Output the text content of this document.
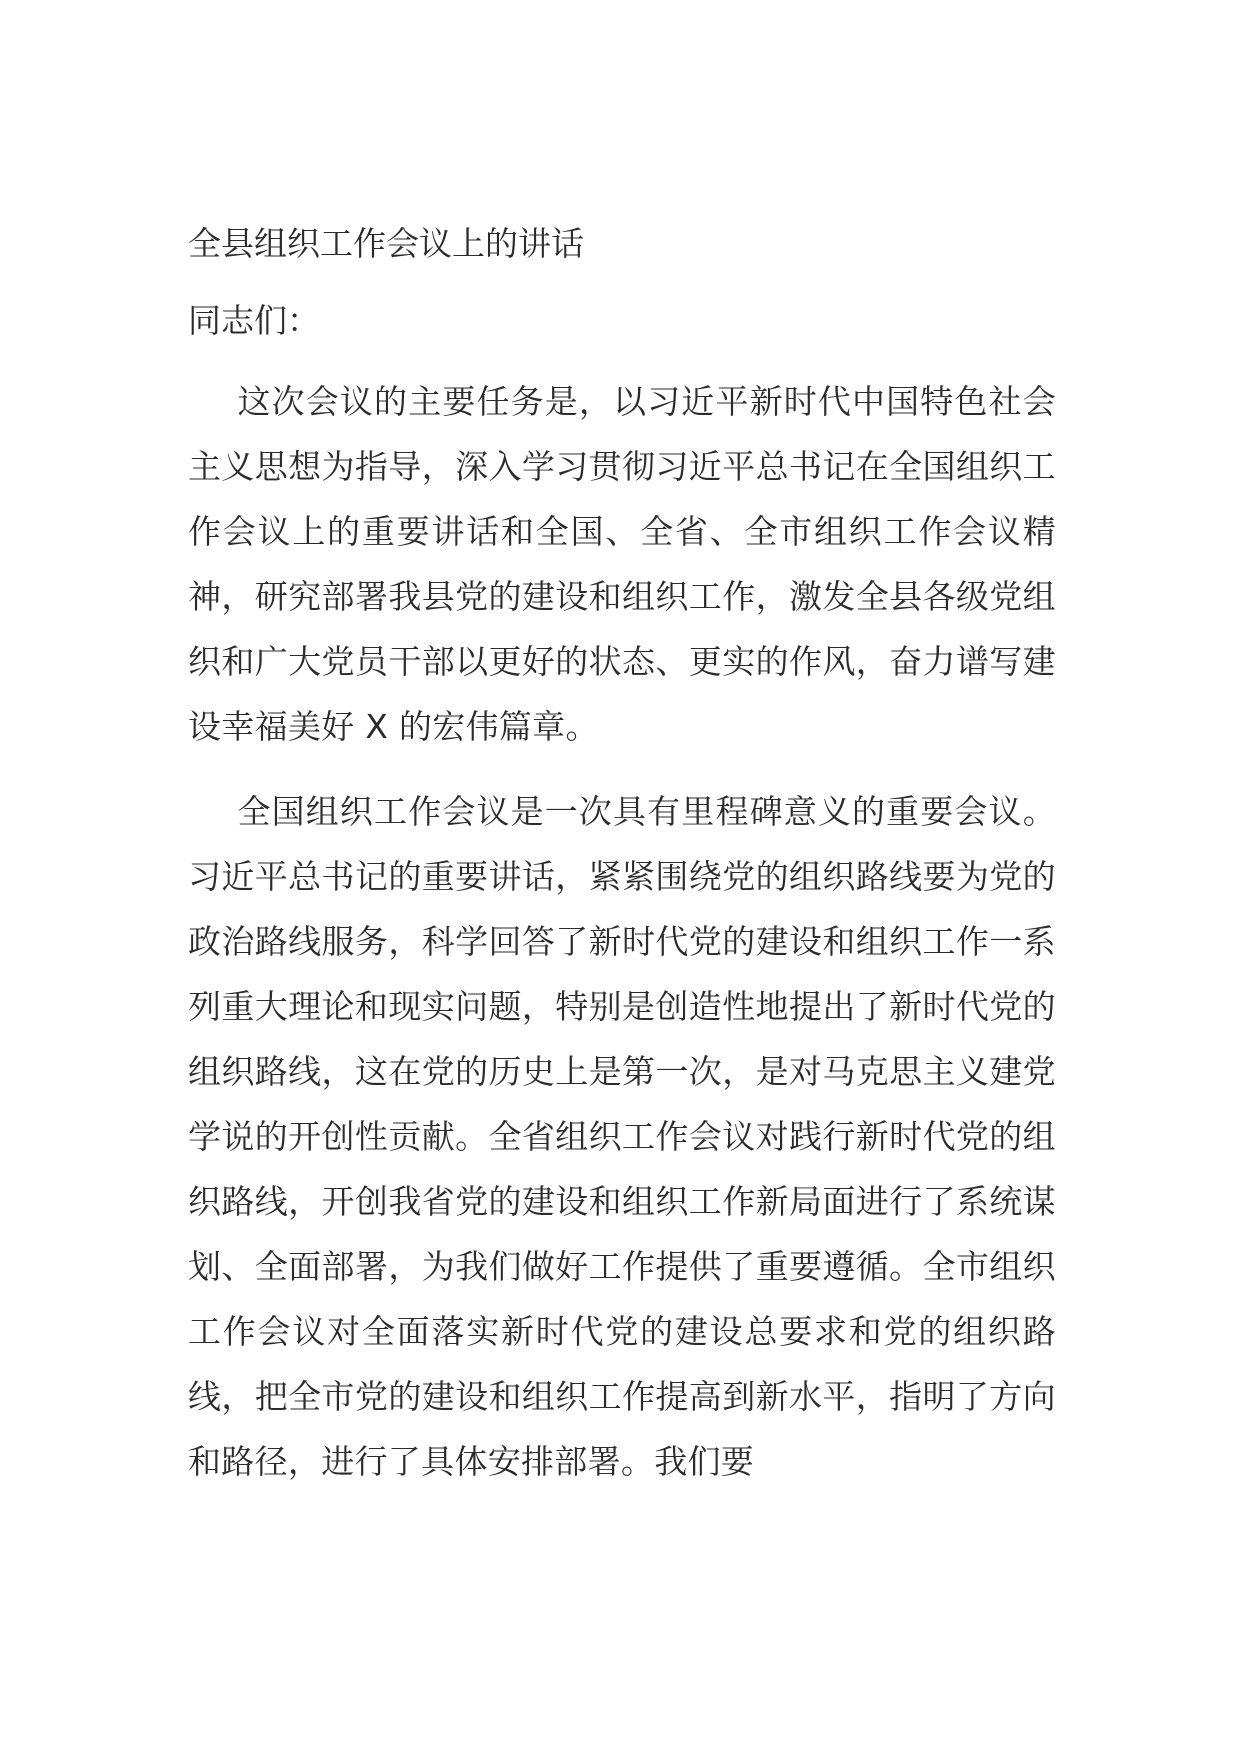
全县组织工作会议上的讲话

同志们：

这次会议的主要任务是，以习近平新时代中国特色社会主义思想为指导，深入学习贯彻习近平总书记在全国组织工作会议上的重要讲话和全国、全省、全市组织工作会议精神，研究部署我县党的建设和组织工作，激发全县各级党组织和广大党员干部以更好的状态、更实的作风，奋力谱写建设幸福美好 X 的宏伟篇章。

全国组织工作会议是一次具有里程碑意义的重要会议。习近平总书记的重要讲话，紧紧围绕党的组织路线要为党的政治路线服务，科学回答了新时代党的建设和组织工作一系列重大理论和现实问题，特别是创造性地提出了新时代党的组织路线，这在党的历史上是第一次，是对马克思主义建党学说的开创性贡献。全省组织工作会议对践行新时代党的组织路线，开创我省党的建设和组织工作新局面进行了系统谋划、全面部署，为我们做好工作提供了重要遵循。全市组织工作会议对全面落实新时代党的建设总要求和党的组织路线，把全市党的建设和组织工作提高到新水平，指明了方向和路径，进行了具体安排部署。我们要
